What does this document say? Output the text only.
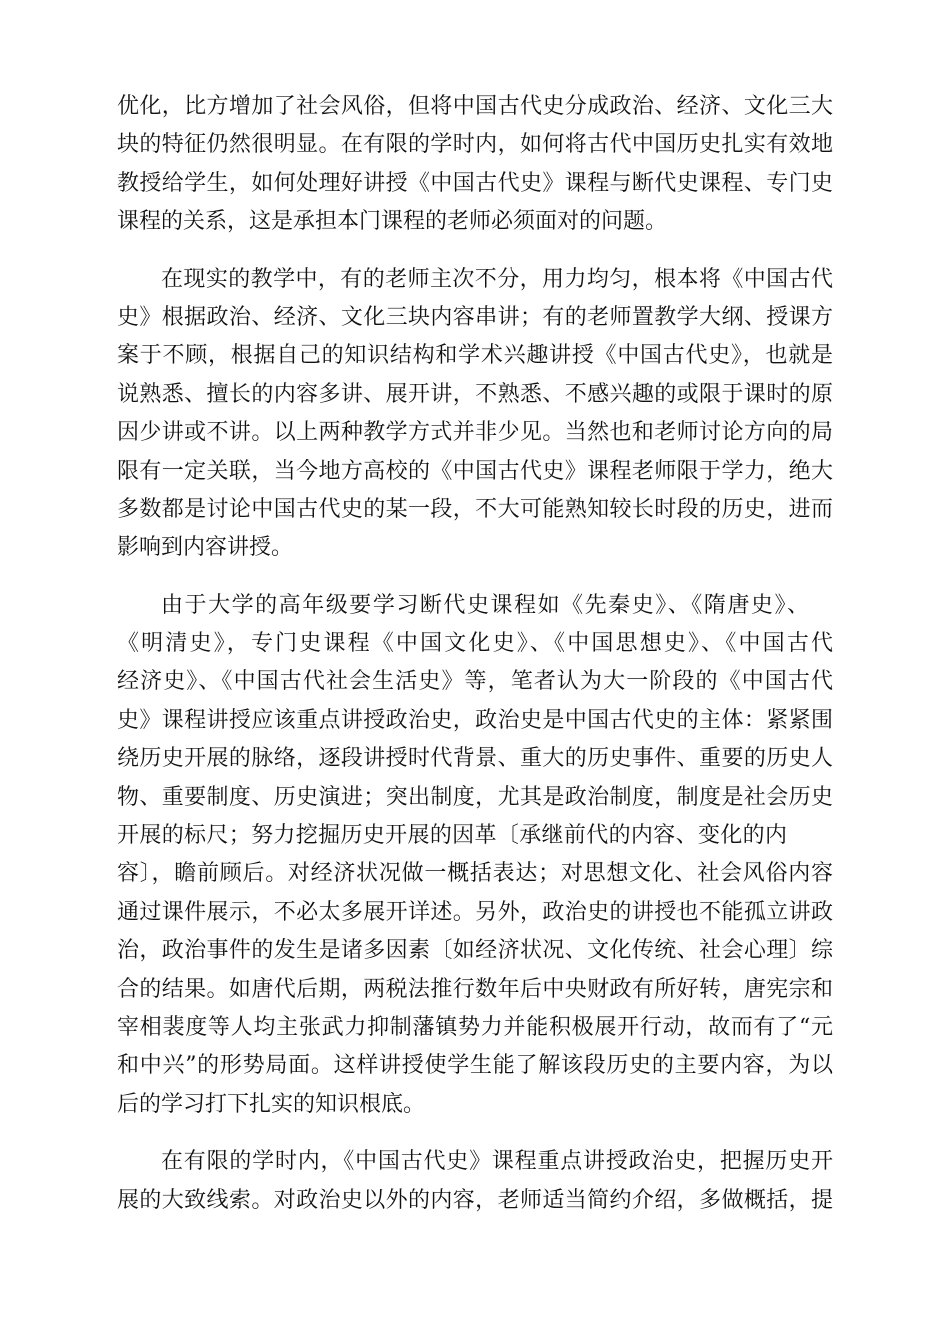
优化，比方增加了社会风俗，但将中国古代史分成政治、经济、文化三大
块的特征仍然很明显。在有限的学时内，如何将古代中国历史扎实有效地
教授给学生，如何处理好讲授《中国古代史》课程与断代史课程、专门史
课程的关系，这是承担本门课程的老师必须面对的问题。
在现实的教学中，有的老师主次不分，用力均匀，根本将《中国古代
史》根据政治、经济、文化三块内容串讲；有的老师置教学大纲、授课方
案于不顾，根据自己的知识结构和学术兴趣讲授《中国古代史》，也就是
说熟悉、擅长的内容多讲、展开讲，不熟悉、不感兴趣的或限于课时的原
因少讲或不讲。以上两种教学方式并非少见。当然也和老师讨论方向的局
限有一定关联，当今地方高校的《中国古代史》课程老师限于学力，绝大
多数都是讨论中国古代史的某一段，不大可能熟知较长时段的历史，进而
影响到内容讲授。
由于大学的高年级要学习断代史课程如《先秦史》、《隋唐史》、
《明清史》，专门史课程《中国文化史》、《中国思想史》、《中国古代
经济史》、《中国古代社会生活史》等，笔者认为大一阶段的《中国古代
史》课程讲授应该重点讲授政治史，政治史是中国古代史的主体：紧紧围
绕历史开展的脉络，逐段讲授时代背景、重大的历史事件、重要的历史人
物、重要制度、历史演进；突出制度，尤其是政治制度，制度是社会历史
开展的标尺；努力挖掘历史开展的因革〔承继前代的内容、变化的内
容〕，瞻前顾后。对经济状况做一概括表达；对思想文化、社会风俗内容
通过课件展示，不必太多展开详述。另外，政治史的讲授也不能孤立讲政
治，政治事件的发生是诸多因素〔如经济状况、文化传统、社会心理〕综
合的结果。如唐代后期，两税法推行数年后中央财政有所好转，唐宪宗和
宰相裴度等人均主张武力抑制藩镇势力并能积极展开行动，故而有了“元
和中兴”的形势局面。这样讲授使学生能了解该段历史的主要内容，为以
后的学习打下扎实的知识根底。
在有限的学时内，《中国古代史》课程重点讲授政治史，把握历史开
展的大致线索。对政治史以外的内容，老师适当简约介绍，多做概括，提
